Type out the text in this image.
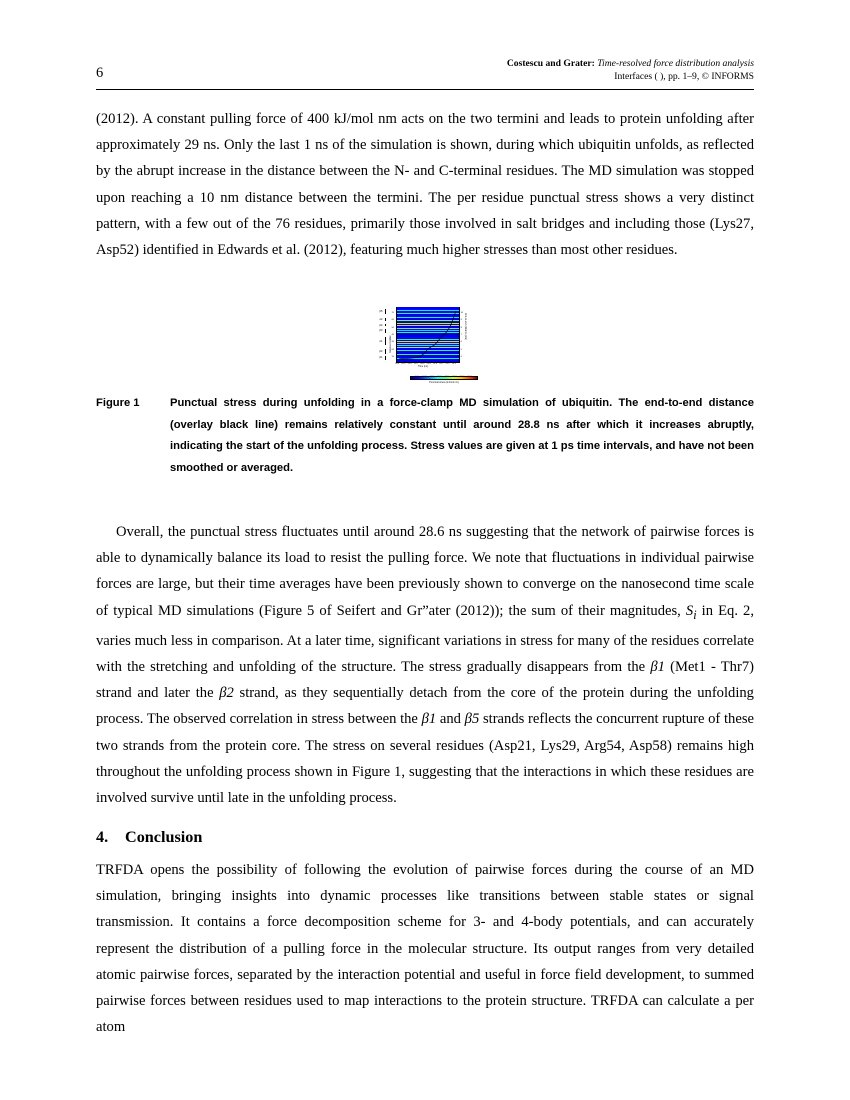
6
Costescu and Grater: Time-resolved force distribution analysis
Interfaces ( ), pp. 1–9, © INFORMS
(2012). A constant pulling force of 400 kJ/mol nm acts on the two termini and leads to protein unfolding after approximately 29 ns. Only the last 1 ns of the simulation is shown, during which ubiquitin unfolds, as reflected by the abrupt increase in the distance between the N- and C-terminal residues. The MD simulation was stopped upon reaching a 10 nm distance between the termini. The per residue punctual stress shows a very distinct pattern, with a few out of the 76 residues, primarily those involved in salt bridges and including those (Lys27, Asp52) identified in Edwards et al. (2012), featuring much higher stresses than most other residues.
Residue number
10
20
30
40
50
60
70
β1
β2
α1
β3
β4
α2
β5
28.4 28.5 28.6 28.7 28.8 28.9 29.0 29.1 29.2 29.3
Time (ns)
4
5
6
7
8
9
10
End-to-end distance (nm)
500	1000	1500	2000	2500	3000	3500	4000
Punctual stress (kJ/mol nm)
Figure 1	Punctual stress during unfolding in a force-clamp MD simulation of ubiquitin. The end-to-end distance (overlay black line) remains relatively constant until around 28.8 ns after which it increases abruptly, indicating the start of the unfolding process. Stress values are given at 1 ps time intervals, and have not been smoothed or averaged.
Overall, the punctual stress fluctuates until around 28.6 ns suggesting that the network of pairwise forces is able to dynamically balance its load to resist the pulling force. We note that fluctuations in individual pairwise forces are large, but their time averages have been previously shown to converge on the nanosecond time scale of typical MD simulations (Figure 5 of Seifert and Gr”ater (2012)); the sum of their magnitudes, $S_i$ in Eq. 2, varies much less in comparison. At a later time, significant variations in stress for many of the residues correlate with the stretching and unfolding of the structure. The stress gradually disappears from the β1 (Met1 - Thr7) strand and later the β2 strand, as they sequentially detach from the core of the protein during the unfolding process. The observed correlation in stress between the β1 and β5 strands reflects the concurrent rupture of these two strands from the protein core. The stress on several residues (Asp21, Lys29, Arg54, Asp58) remains high throughout the unfolding process shown in Figure 1, suggesting that the interactions in which these residues are involved survive until late in the unfolding process.
4. Conclusion
TRFDA opens the possibility of following the evolution of pairwise forces during the course of an MD simulation, bringing insights into dynamic processes like transitions between stable states or signal transmission. It contains a force decomposition scheme for 3- and 4-body potentials, and can accurately represent the distribution of a pulling force in the molecular structure. Its output ranges from very detailed atomic pairwise forces, separated by the interaction potential and useful in force field development, to summed pairwise forces between residues used to map interactions to the protein structure. TRFDA can calculate a per atom
